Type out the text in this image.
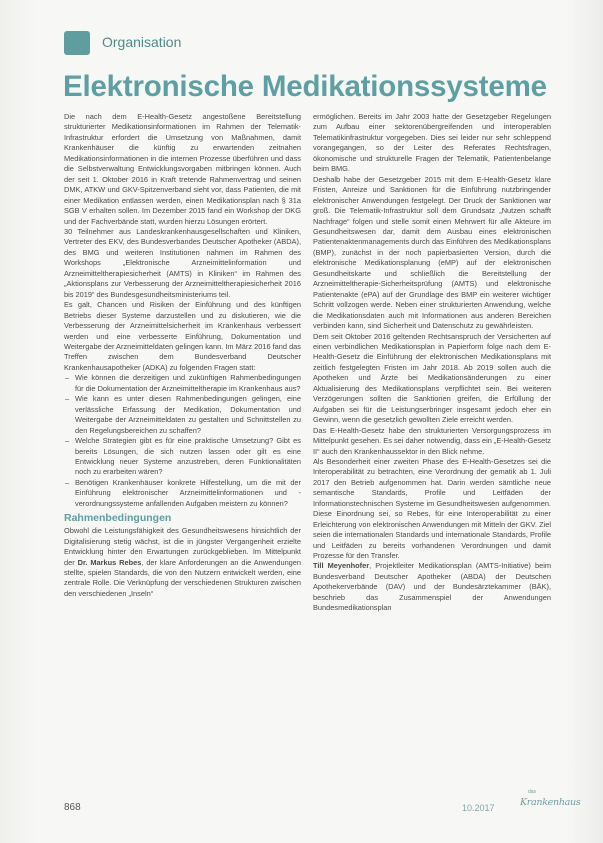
Organisation
Elektronische Medikationssysteme

Die nach dem E-Health-Gesetz angestoßene Bereitstellung strukturierter Medikationsinformationen im Rahmen der Telematik-Infrastruktur erfordert die Umsetzung von Maßnahmen, damit Krankenhäuser die künftig zu erwartenden zeitnahen Medikationsinformationen in die internen Prozesse überführen und dass die Selbstverwaltung Entwicklungsvorgaben mitbringen können. Auch der seit 1. Oktober 2016 in Kraft tretende Rahmenvertrag und seinen DMK, ATKW und GKV-Spitzenverband sieht vor, dass Patienten, die mit einer Medikation entlassen werden, einen Medikationsplan nach § 31a SGB V erhalten sollen. Im Dezember 2015 fand ein Workshop der DKG und der Fachverbände statt, wurden hierzu Lösungen erörtert.

30 Teilnehmer aus Landeskrankenhausgesellschaften und Kliniken, Vertreter des EKV, des Bundesverbandes Deutscher Apotheker (ABDA), des BMG und weiteren Institutionen nahmen im Rahmen des Workshops „Elektronische Arzneimittelinformation und Arzneimitteltherapiesicherheit (AMTS) in Kliniken“ im Rahmen des „Aktionsplans zur Verbesserung der Arzneimitteltherapiesicherheit 2016 bis 2019“ des Bundesgesundheitsministeriums teil.

Es galt, Chancen und Risiken der Einführung und des künftigen Betriebs dieser Systeme darzustellen und zu diskutieren, wie die Verbesserung der Arzneimittelsicherheit im Krankenhaus verbessert werden und eine verbesserte Einführung, Dokumentation und Weitergabe der Arzneimitteldaten gelingen kann. Im März 2016 fand das Treffen zwischen dem Bundesverband Deutscher Krankenhausapotheker (ADKA) zu folgenden Fragen statt:

– Wie können die derzeitigen und zukünftigen Rahmenbedingungen für die Dokumentation der Arzneimitteltherapie im Krankenhaus aus?
– Wie kann es unter diesen Rahmenbedingungen gelingen, eine verlässliche Erfassung der Medikation, Dokumentation und Weitergabe der Arzneimitteldaten zu gestalten und Schnittstellen zu den Regelungsbereichen zu schaffen?
– Welche Strategien gibt es für eine praktische Umsetzung? Gibt es bereits Lösungen, die sich nutzen lassen oder gilt es eine Entwicklung neuer Systeme anzustreben, deren Funktionalitäten noch zu erarbeiten wären?
– Benötigen Krankenhäuser konkrete Hilfestellung, um die mit der Einführung elektronischer Arzneimittelinformationen und -verordnungssysteme anfallenden Aufgaben meistern zu können?
Rahmenbedingungen

Obwohl die Leistungsfähigkeit des Gesundheitswesens hinsichtlich der Digitalisierung stetig wächst, ist die in jüngster Vergangenheit erzielte Entwicklung hinter den Erwartungen zurückgeblieben. Im Mittelpunkt der Dr. Markus Rebes, der klare Anforderungen an die Anwendungen stellte, spielen Standards, die von den Nutzern entwickelt werden, eine zentrale Rolle. Die Verknüpfung der verschiedenen Strukturen zwischen den verschiedenen „Inseln“

ermöglichen. Bereits im Jahr 2003 hatte der Gesetzgeber Regelungen zum Aufbau einer sektorenübergreifenden und interoperablen Telematikinfrastruktur vorgegeben. Dies sei leider nur sehr schleppend vorangegangen, so der Leiter des Referates Rechtsfragen, ökonomische und strukturelle Fragen der Telematik, Patientenbelange beim BMG.

Deshalb habe der Gesetzgeber 2015 mit dem E-Health-Gesetz klare Fristen, Anreize und Sanktionen für die Einführung nutzbringender elektronischer Anwendungen festgelegt. Der Druck der Sanktionen war groß. Die Telematik-Infrastruktur soll dem Grundsatz „Nutzen schafft Nachfrage“ folgen und stelle somit einen Mehrwert für alle Akteure im Gesundheitswesen dar, damit dem Ausbau eines elektronischen Patientenaktenmanagements durch das Einführen des Medikationsplans (BMP), zunächst in der noch papierbasierten Version, durch die elektronische Medikationsplanung (eMP) auf der elektronischen Gesundheitskarte und schließlich die Bereitstellung der Arzneimitteltherapie-Sicherheitsprüfung (AMTS) und elektronische Patientenakte (ePA) auf der Grundlage des BMP ein weiterer wichtiger Schritt vollzogen werde. Neben einer strukturierten Anwendung, welche die Medikationsdaten auch mit Informationen aus anderen Bereichen verbinden kann, sind Sicherheit und Datenschutz zu gewährleisten.

Dem seit Oktober 2016 geltenden Rechtsanspruch der Versicherten auf einen verbindlichen Medikationsplan in Papierform folge nach dem E-Health-Gesetz die Einführung der elektronischen Medikationsplans mit zeitlich festgelegten Fristen im Jahr 2018. Ab 2019 sollen auch die Apotheken und Ärzte bei Medikationsänderungen zu einer Aktualisierung des Medikationsplans verpflichtet sein. Bei weiteren Verzögerungen sollten die Sanktionen greifen, die Erfüllung der Aufgaben sei für die Leistungserbringer insgesamt jedoch eher ein Gewinn, wenn die gesetzlich gewollten Ziele erreicht werden.

Das E-Health-Gesetz habe den strukturierten Versorgungsprozess im Mittelpunkt gesehen. Es sei daher notwendig, dass ein „E-Health-Gesetz II“ auch den Krankenhaussektor in den Blick nehme.

Als Besonderheit einer zweiten Phase des E-Health-Gesetzes sei die Interoperabilität zu betrachten, eine Verordnung der gematik ab 1. Juli 2017 den Betrieb aufgenommen hat. Darin werden sämtliche neue semantische Standards, Profile und Leitfäden der Informationstechnischen Systeme im Gesundheitswesen aufgenommen. Diese Einordnung sei, so Rebes, für eine Interoperabilität zu einer Erleichterung von elektronischen Anwendungen mit Mitteln der GKV. Ziel seien die internationalen Standards und internationale Standards, Profile und Leitfäden zu bereits vorhandenen Verordnungen und damit Prozesse für den Transfer.

Till Meyenhofer, Projektleiter Medikationsplan (AMTS-Initiative) beim Bundesverband Deutscher Apotheker (ABDA) der Deutschen Apothekerverbände (DAV) und der Bundesärztekammer (BÄK), beschrieb das Zusammenspiel der Anwendungen Bundesmedikationsplan

868	10.2017
das
Krankenhaus
